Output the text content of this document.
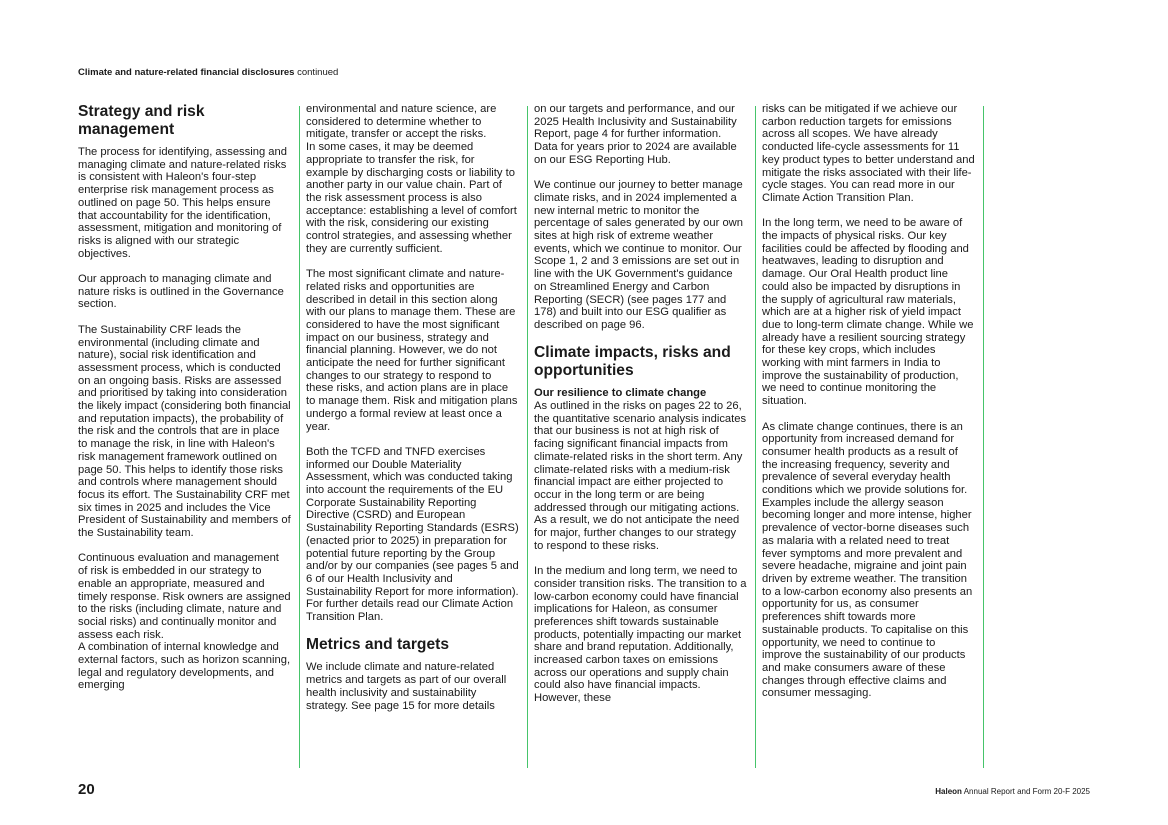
Climate and nature-related financial disclosures continued
Strategy and risk management

The process for identifying, assessing and managing climate and nature-related risks is consistent with Haleon's four-step enterprise risk management process as outlined on page 50. This helps ensure that accountability for the identification, assessment, mitigation and monitoring of risks is aligned with our strategic objectives.

Our approach to managing climate and nature risks is outlined in the Governance section.

The Sustainability CRF leads the environmental (including climate and nature), social risk identification and assessment process, which is conducted on an ongoing basis. Risks are assessed and prioritised by taking into consideration the likely impact (considering both financial and reputation impacts), the probability of the risk and the controls that are in place to manage the risk, in line with Haleon's risk management framework outlined on page 50. This helps to identify those risks and controls where management should focus its effort. The Sustainability CRF met six times in 2025 and includes the Vice President of Sustainability and members of the Sustainability team.

Continuous evaluation and management of risk is embedded in our strategy to enable an appropriate, measured and timely response. Risk owners are assigned to the risks (including climate, nature and social risks) and continually monitor and assess each risk.

A combination of internal knowledge and external factors, such as horizon scanning, legal and regulatory developments, and emerging

environmental and nature science, are considered to determine whether to mitigate, transfer or accept the risks.

In some cases, it may be deemed appropriate to transfer the risk, for example by discharging costs or liability to another party in our value chain. Part of the risk assessment process is also acceptance: establishing a level of comfort with the risk, considering our existing control strategies, and assessing whether they are currently sufficient.

The most significant climate and nature-related risks and opportunities are described in detail in this section along with our plans to manage them. These are considered to have the most significant impact on our business, strategy and financial planning. However, we do not anticipate the need for further significant changes to our strategy to respond to these risks, and action plans are in place to manage them. Risk and mitigation plans undergo a formal review at least once a year.

Both the TCFD and TNFD exercises informed our Double Materiality Assessment, which was conducted taking into account the requirements of the EU Corporate Sustainability Reporting Directive (CSRD) and European Sustainability Reporting Standards (ESRS) (enacted prior to 2025) in preparation for potential future reporting by the Group and/or by our companies (see pages 5 and 6 of our Health Inclusivity and Sustainability Report for more information). For further details read our Climate Action Transition Plan.

Metrics and targets

We include climate and nature-related metrics and targets as part of our overall health inclusivity and sustainability strategy. See page 15 for more details

on our targets and performance, and our 2025 Health Inclusivity and Sustainability Report, page 4 for further information. Data for years prior to 2024 are available on our ESG Reporting Hub.

We continue our journey to better manage climate risks, and in 2024 implemented a new internal metric to monitor the percentage of sales generated by our own sites at high risk of extreme weather events, which we continue to monitor. Our Scope 1, 2 and 3 emissions are set out in line with the UK Government's guidance on Streamlined Energy and Carbon Reporting (SECR) (see pages 177 and 178) and built into our ESG qualifier as described on page 96.

Climate impacts, risks and opportunities
Our resilience to climate change

As outlined in the risks on pages 22 to 26, the quantitative scenario analysis indicates that our business is not at high risk of facing significant financial impacts from climate-related risks in the short term. Any climate-related risks with a medium-risk financial impact are either projected to occur in the long term or are being addressed through our mitigating actions. As a result, we do not anticipate the need for major, further changes to our strategy to respond to these risks.

In the medium and long term, we need to consider transition risks. The transition to a low-carbon economy could have financial implications for Haleon, as consumer preferences shift towards sustainable products, potentially impacting our market share and brand reputation. Additionally, increased carbon taxes on emissions across our operations and supply chain could also have financial impacts. However, these

risks can be mitigated if we achieve our carbon reduction targets for emissions across all scopes. We have already conducted life-cycle assessments for 11 key product types to better understand and mitigate the risks associated with their life-cycle stages. You can read more in our Climate Action Transition Plan.

In the long term, we need to be aware of the impacts of physical risks. Our key facilities could be affected by flooding and heatwaves, leading to disruption and damage. Our Oral Health product line could also be impacted by disruptions in the supply of agricultural raw materials, which are at a higher risk of yield impact due to long-term climate change. While we already have a resilient sourcing strategy for these key crops, which includes working with mint farmers in India to improve the sustainability of production, we need to continue monitoring the situation.

As climate change continues, there is an opportunity from increased demand for consumer health products as a result of the increasing frequency, severity and prevalence of several everyday health conditions which we provide solutions for. Examples include the allergy season becoming longer and more intense, higher prevalence of vector-borne diseases such as malaria with a related need to treat fever symptoms and more prevalent and severe headache, migraine and joint pain driven by extreme weather. The transition to a low-carbon economy also presents an opportunity for us, as consumer preferences shift towards more sustainable products. To capitalise on this opportunity, we need to continue to improve the sustainability of our products and make consumers aware of these changes through effective claims and consumer messaging.

20	Haleon Annual Report and Form 20-F 2025
